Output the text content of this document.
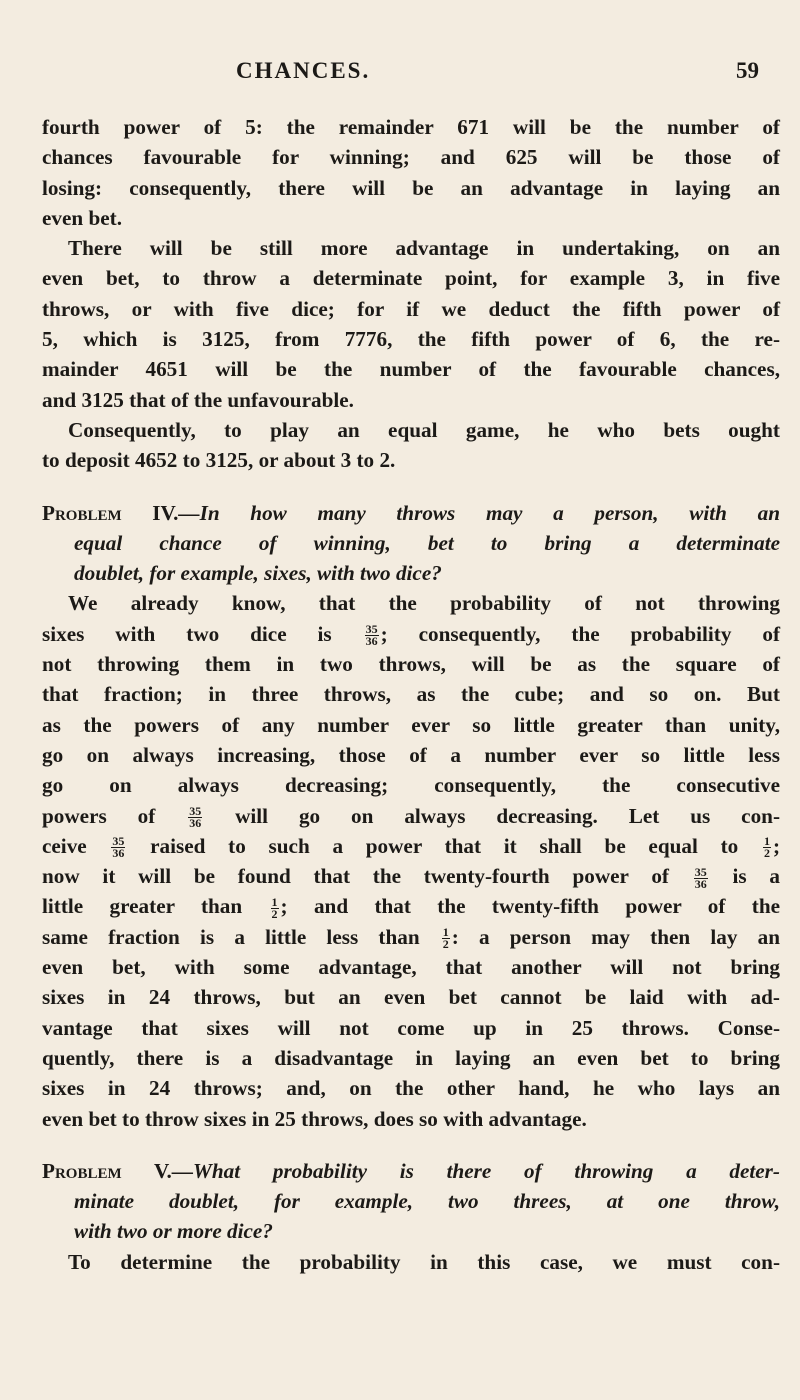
CHANCES.	59

fourth power of 5: the remainder 671 will be the number of
chances favourable for winning; and 625 will be those of
losing: consequently, there will be an advantage in laying an
even bet.

There will be still more advantage in undertaking, on an
even bet, to throw a determinate point, for example 3, in five
throws, or with five dice; for if we deduct the fifth power of
5, which is 3125, from 7776, the fifth power of 6, the re-
mainder 4651 will be the number of the favourable chances,
and 3125 that of the unfavourable.

Consequently, to play an equal game, he who bets ought
to deposit 4652 to 3125, or about 3 to 2.

Problem IV.—In how many throws may a person, with an
equal chance of winning, bet to bring a determinate
doublet, for example, sixes, with two dice?

We already know, that the probability of not throwing
sixes with two dice is	$\frac{35}{36}$ ; consequently, the probability of
not throwing them in two throws, will be as the square of
that fraction; in three throws, as the cube; and so on. But
as the powers of any number ever so little greater than unity,
go on always increasing, those of a number ever so little less
go on always decreasing; consequently, the consecutive
powers of	$\frac{35}{36}$ will go on always decreasing. Let us con-
ceive $\frac{35}{36}$ raised to such a power that it shall be equal to $\frac{1}{2}$ ;
now it will be found that the twenty-fourth power of $\frac{35}{36}$ is a
little greater than $\frac{1}{2}$ ; and that the twenty-fifth power of the
same fraction is a little less than $\frac{1}{2}$ : a person may then lay an
even bet, with some advantage, that another will not bring
sixes in 24 throws, but an even bet cannot be laid with ad-
vantage that sixes will not come up in 25 throws. Conse-
quently, there is a disadvantage in laying an even bet to bring
sixes in 24 throws; and, on the other hand, he who lays an
even bet to throw sixes in 25 throws, does so with advantage.

Problem V.—What probability is there of throwing a deter-
minate doublet, for example, two threes, at one throw,
with two or more dice?

To determine the probability in this case, we must con-
